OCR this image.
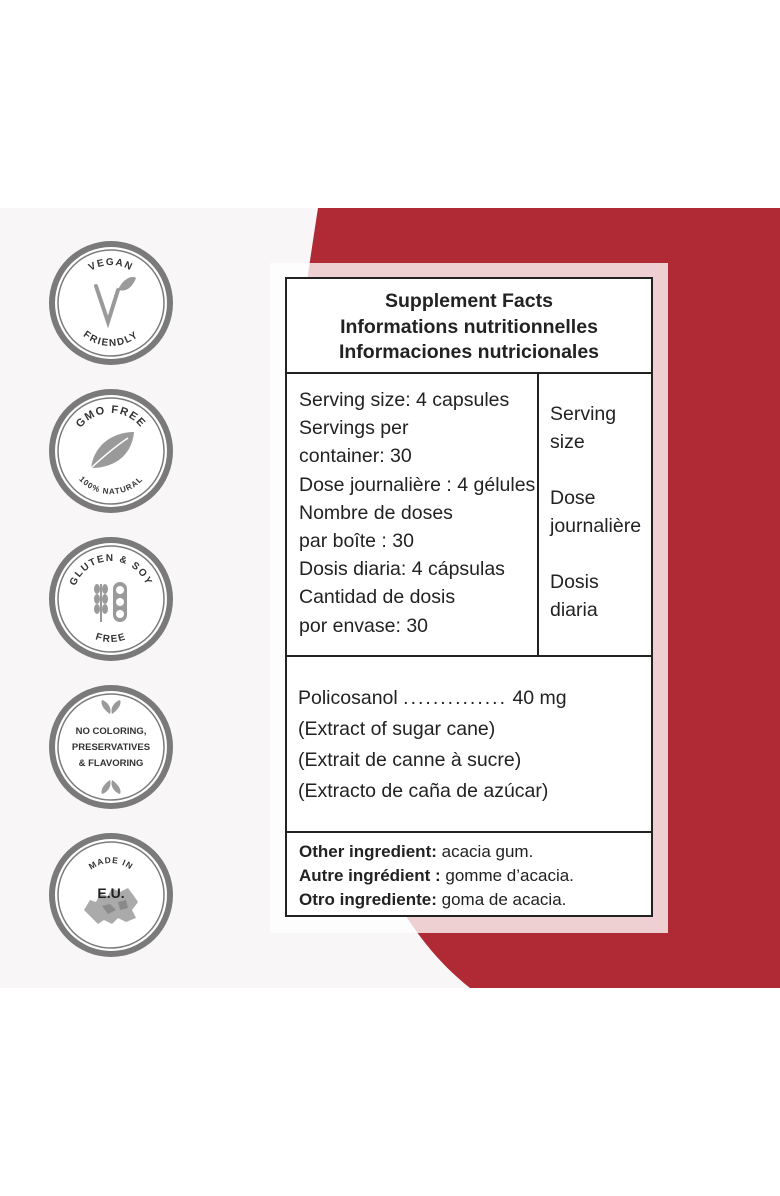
VEGAN
FRIENDLY
GMO FREE
100% NATURAL
GLUTEN & SOY
FREE
NO COLORING,
PRESERVATIVES
& FLAVORING
MADE IN
E.U.
Supplement Facts
Informations nutritionnelles
Informaciones nutricionales
Serving size: 4 capsules
Servings per
container: 30
Dose journalière : 4 gélules
Nombre de doses
par boîte : 30
Dosis diaria: 4 cápsulas
Cantidad de dosis
por envase: 30
Serving
size
Dose
journalière
Dosis
diaria
Policosanol .............. 40 mg
(Extract of sugar cane)
(Extrait de canne à sucre)
(Extracto de caña de azúcar)
Other ingredient: acacia gum.
Autre ingrédient : gomme d’acacia.
Otro ingrediente: goma de acacia.
